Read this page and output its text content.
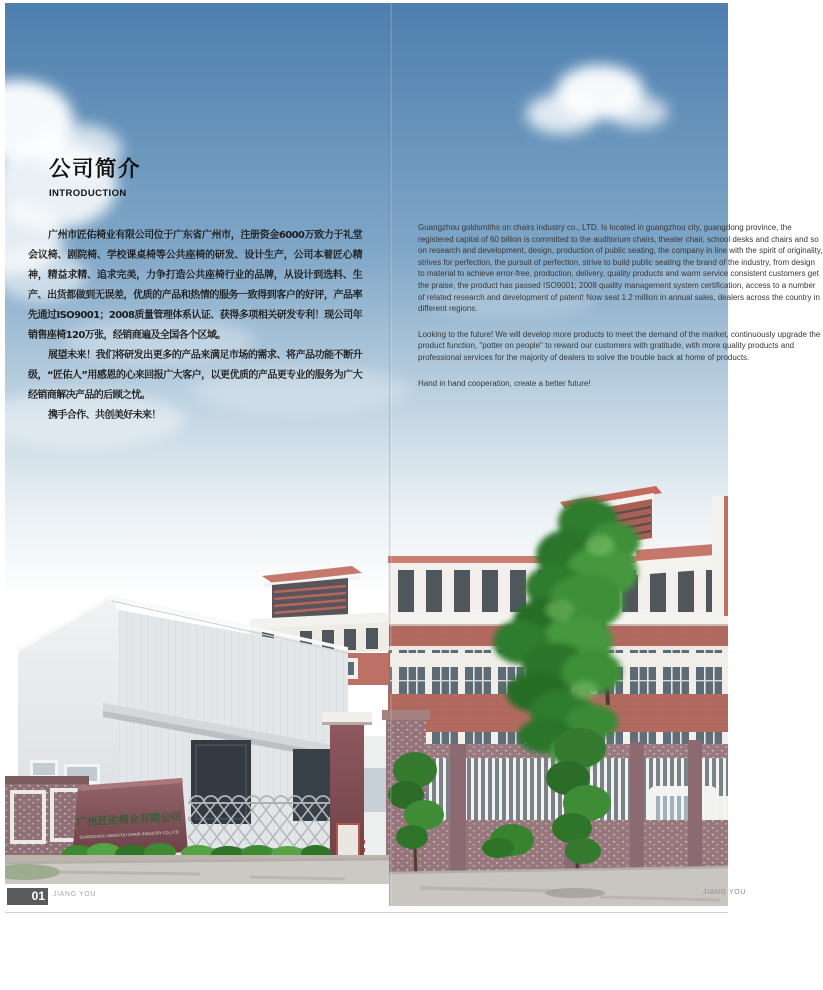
广州匠佑椅业有限公司
GUANGZHOU JIANGYOU CHAIR INDUSTRY CO.,LTD
公司简介
INTRODUCTION

广州市匠佑椅业有限公司位于广东省广州市，注册资金6000万致力于礼堂会议椅、剧院椅、学校课桌椅等公共座椅的研发、设计生产，公司本着匠心精神，精益求精、追求完美，力争打造公共座椅行业的品牌，从设计到选料、生产、出货都做到无误差，优质的产品和热情的服务一致得到客户的好评，产品率先通过ISO9001；2008质量管理体系认证、获得多项相关研发专利！现公司年销售座椅120万张，经销商遍及全国各个区域。

展望未来！我们将研发出更多的产品来满足市场的需求、将产品功能不断升级，“匠佑人”用感恩的心来回报广大客户，以更优质的产品更专业的服务为广大经销商解决产品的后顾之忧。

携手合作、共创美好未来！

Guangzhou goldsmiths on chairs industry co., LTD. Is located in guangzhou city, guangdong province, the registered capital of 60 billion is committed to the auditorium chairs, theater chair, school desks and chairs and so on research and development, design, production of public seating, the company in line with the spirit of originality, strives for perfection, the pursuit of perfection, strive to build public seating the brand of the industry, from design to material to achieve error-free, production, delivery, quality products and warm service consistent customers get the praise, the product has passed ISO9001; 2008 quality management system certification, access to a number of related research and development of patent! Now seat 1.2 million in annual sales, dealers across the country in different regions.

Looking to the future! We will develop more products to meet the demand of the market, continuously upgrade the product function, "potter on people" to reward our customers with gratitude, with more quality products and professional services for the majority of dealers to solve the trouble back at home of products.

Hand in hand cooperation, create a better future!

01	JIANG YOU	JIANG YOU
